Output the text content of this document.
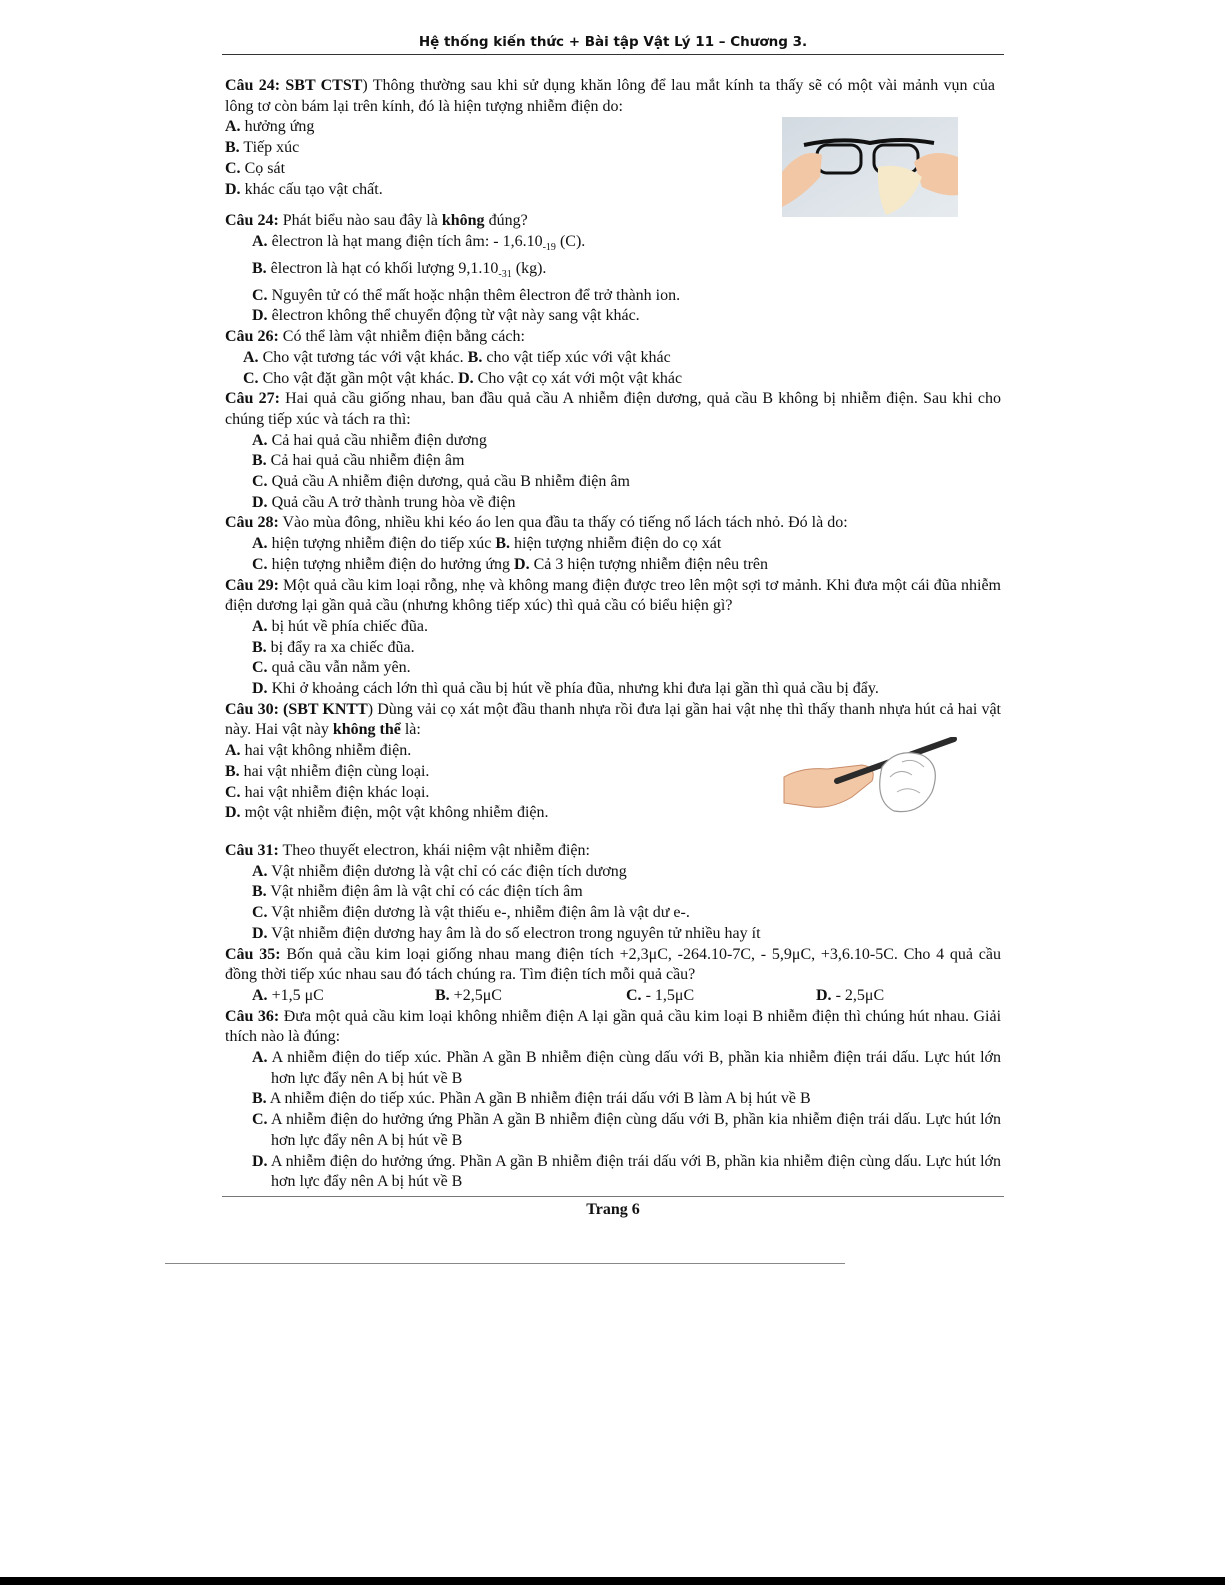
Hệ thống kiến thức + Bài tập Vật Lý 11 – Chương 3.

Câu 24: SBT CTST) Thông thường sau khi sử dụng khăn lông để lau mắt kính ta thấy sẽ có một vài mảnh vụn của lông tơ còn bám lại trên kính, đó là hiện tượng nhiễm điện do:

A. hưởng ứng

B. Tiếp xúc

C. Cọ sát

D. khác cấu tạo vật chất.

Câu 24: Phát biểu nào sau đây là không đúng?

A. êlectron là hạt mang điện tích âm: - $1,6.10_{-19}$ (C).

B. êlectron là hạt có khối lượng $9,1.10_{-31}$ (kg).

C. Nguyên tử có thể mất hoặc nhận thêm êlectron để trở thành ion.

D. êlectron không thể chuyển động từ vật này sang vật khác.

Câu 26: Có thể làm vật nhiễm điện bằng cách:

A. Cho vật tương tác với vật khác. B. cho vật tiếp xúc với vật khác

C. Cho vật đặt gần một vật khác. D. Cho vật cọ xát với một vật khác

Câu 27: Hai quả cầu giống nhau, ban đầu quả cầu A nhiễm điện dương, quả cầu B không bị nhiễm điện. Sau khi cho chúng tiếp xúc và tách ra thì:

A. Cả hai quả cầu nhiễm điện dương

B. Cả hai quả cầu nhiễm điện âm

C. Quả cầu A nhiễm điện dương, quả cầu B nhiễm điện âm

D. Quả cầu A trở thành trung hòa về điện

Câu 28: Vào mùa đông, nhiều khi kéo áo len qua đầu ta thấy có tiếng nổ lách tách nhỏ. Đó là do:

A. hiện tượng nhiễm điện do tiếp xúc B. hiện tượng nhiễm điện do cọ xát

C. hiện tượng nhiễm điện do hưởng ứng D. Cả 3 hiện tượng nhiễm điện nêu trên

Câu 29: Một quả cầu kim loại rỗng, nhẹ và không mang điện được treo lên một sợi tơ mảnh. Khi đưa một cái đũa nhiễm điện dương lại gần quả cầu (nhưng không tiếp xúc) thì quả cầu có biểu hiện gì?

A. bị hút về phía chiếc đũa.

B. bị đẩy ra xa chiếc đũa.

C. quả cầu vẫn nằm yên.

D. Khi ở khoảng cách lớn thì quả cầu bị hút về phía đũa, nhưng khi đưa lại gần thì quả cầu bị đẩy.

Câu 30: (SBT KNTT) Dùng vải cọ xát một đầu thanh nhựa rồi đưa lại gần hai vật nhẹ thì thấy thanh nhựa hút cả hai vật này. Hai vật này không thể là:

A. hai vật không nhiễm điện.

B. hai vật nhiễm điện cùng loại.

C. hai vật nhiễm điện khác loại.

D. một vật nhiễm điện, một vật không nhiễm điện.

Câu 31: Theo thuyết electron, khái niệm vật nhiễm điện:

A. Vật nhiễm điện dương là vật chỉ có các điện tích dương

B. Vật nhiễm điện âm là vật chỉ có các điện tích âm

C. Vật nhiễm điện dương là vật thiếu e-, nhiễm điện âm là vật dư e-.

D. Vật nhiễm điện dương hay âm là do số electron trong nguyên tử nhiều hay ít

Câu 35: Bốn quả cầu kim loại giống nhau mang điện tích +2,3μC, -264.10-7C, - 5,9μC, +3,6.10-5C. Cho 4 quả cầu đồng thời tiếp xúc nhau sau đó tách chúng ra. Tìm điện tích mỗi quả cầu?

A. +1,5 μC	B. +2,5μC	C. - 1,5μC	D. - 2,5μC

Câu 36: Đưa một quả cầu kim loại không nhiễm điện A lại gần quả cầu kim loại B nhiễm điện thì chúng hút nhau. Giải thích nào là đúng:

A. A nhiễm điện do tiếp xúc. Phần A gần B nhiễm điện cùng dấu với B, phần kia nhiễm điện trái dấu. Lực hút lớn hơn lực đẩy nên A bị hút về B

B. A nhiễm điện do tiếp xúc. Phần A gần B nhiễm điện trái dấu với B làm A bị hút về B

C. A nhiễm điện do hưởng ứng Phần A gần B nhiễm điện cùng dấu với B, phần kia nhiễm điện trái dấu. Lực hút lớn hơn lực đẩy nên A bị hút về B

D. A nhiễm điện do hưởng ứng. Phần A gần B nhiễm điện trái dấu với B, phần kia nhiễm điện cùng dấu. Lực hút lớn hơn lực đẩy nên A bị hút về B

Trang 6
